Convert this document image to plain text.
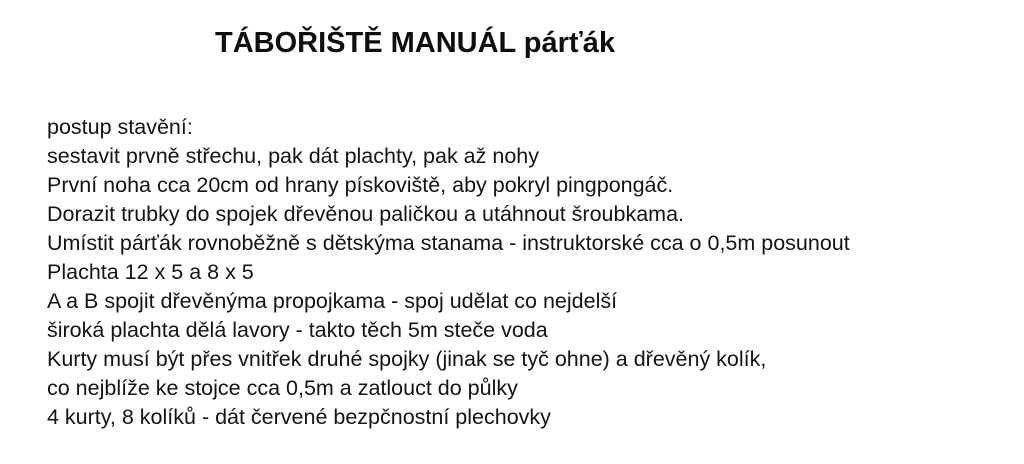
TÁBOŘIŠTĚ MANUÁL párťák

postup stavění:

sestavit prvně střechu, pak dát plachty, pak až nohy

První noha cca 20cm od hrany pískoviště, aby pokryl pingpongáč.

Dorazit trubky do spojek dřevěnou paličkou a utáhnout šroubkama.

Umístit párťák rovnoběžně s dětskýma stanama - instruktorské cca o 0,5m posunout

Plachta 12 x 5 a 8 x 5

A a B spojit dřevěnýma propojkama - spoj udělat co nejdelší

široká plachta dělá lavory - takto těch 5m steče voda

Kurty musí být přes vnitřek druhé spojky (jinak se tyč ohne) a dřevěný kolík,

co nejblíže ke stojce cca 0,5m a zatlouct do půlky

4 kurty, 8 kolíků - dát červené bezpčnostní plechovky
